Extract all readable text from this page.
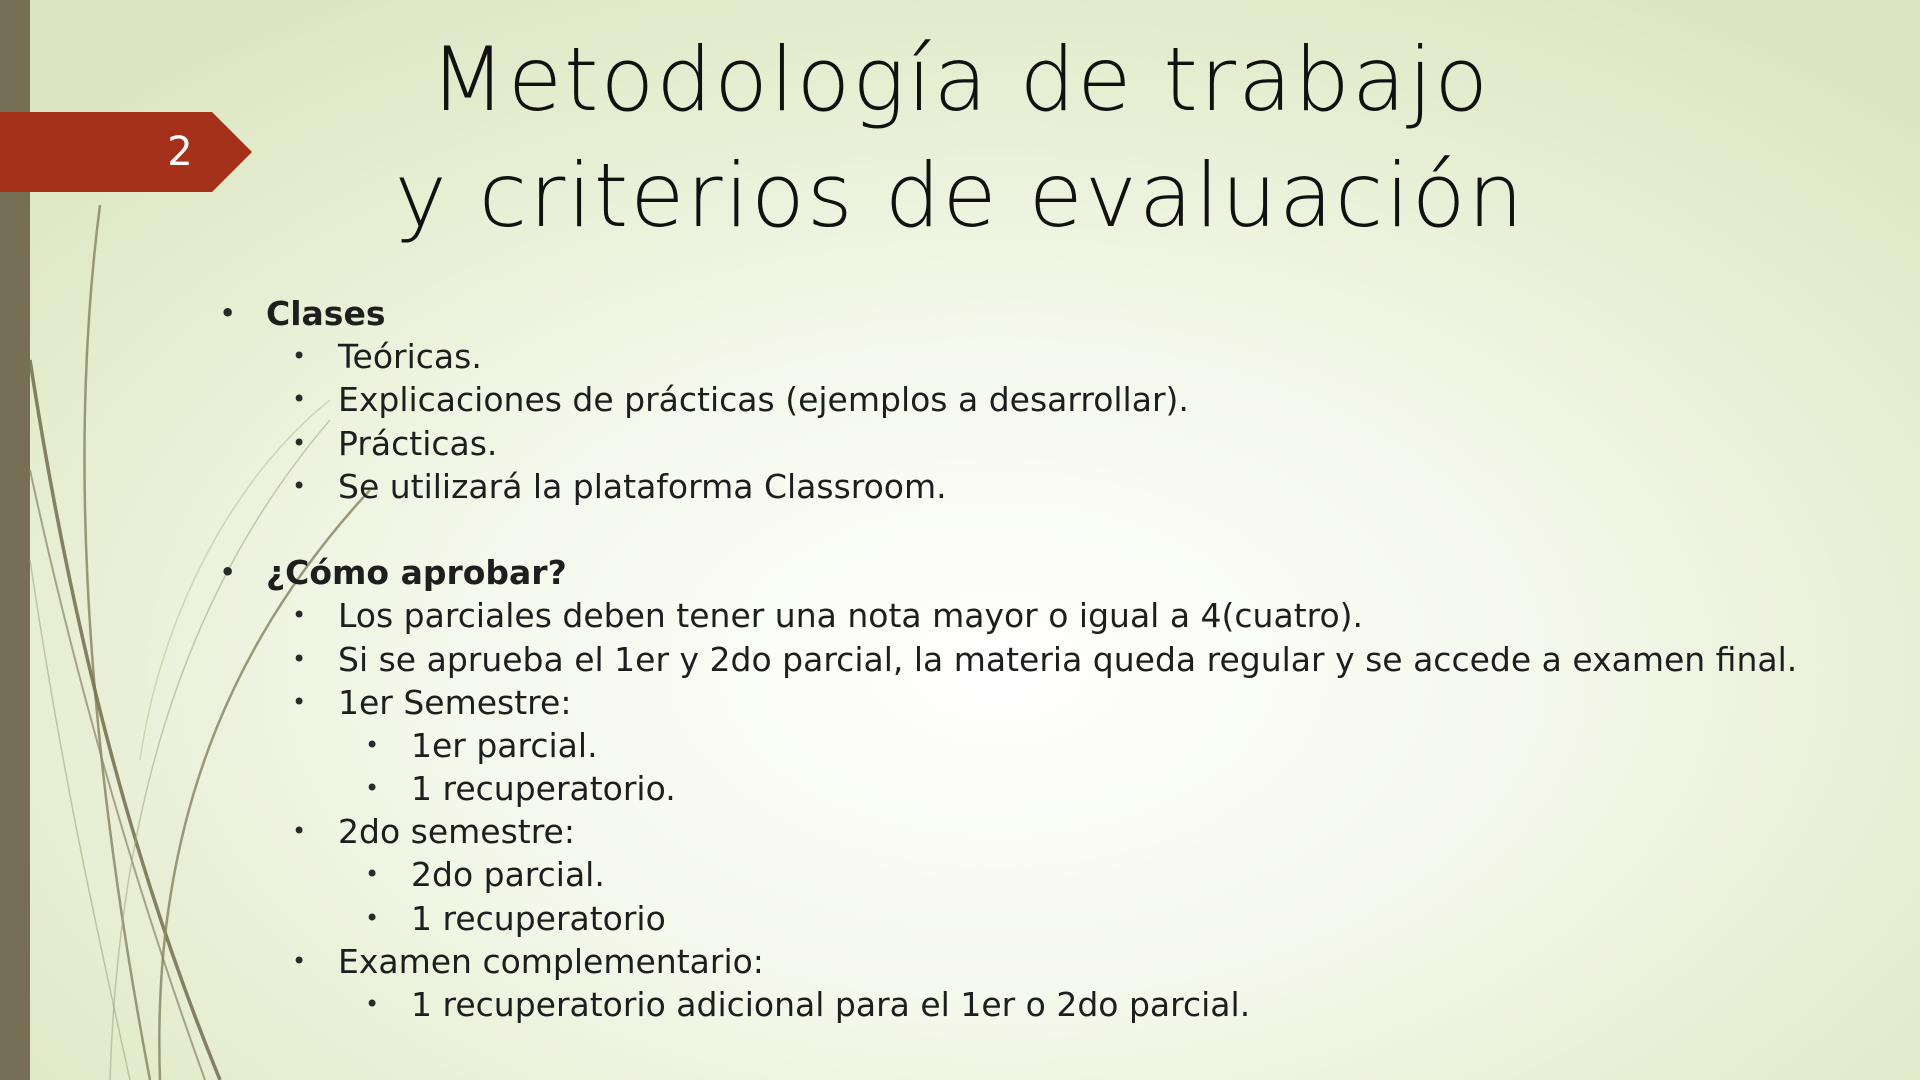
2
Metodología de trabajo
y criterios de evaluación
• Clases
• Teóricas.
• Explicaciones de prácticas (ejemplos a desarrollar).
• Prácticas.
• Se utilizará la plataforma Classroom.
• ¿Cómo aprobar?
• Los parciales deben tener una nota mayor o igual a 4(cuatro).
• Si se aprueba el 1er y 2do parcial, la materia queda regular y se accede a examen final.
• 1er Semestre:
• 1er parcial.
• 1 recuperatorio.
• 2do semestre:
• 2do parcial.
• 1 recuperatorio
• Examen complementario:
• 1 recuperatorio adicional para el 1er o 2do parcial.
